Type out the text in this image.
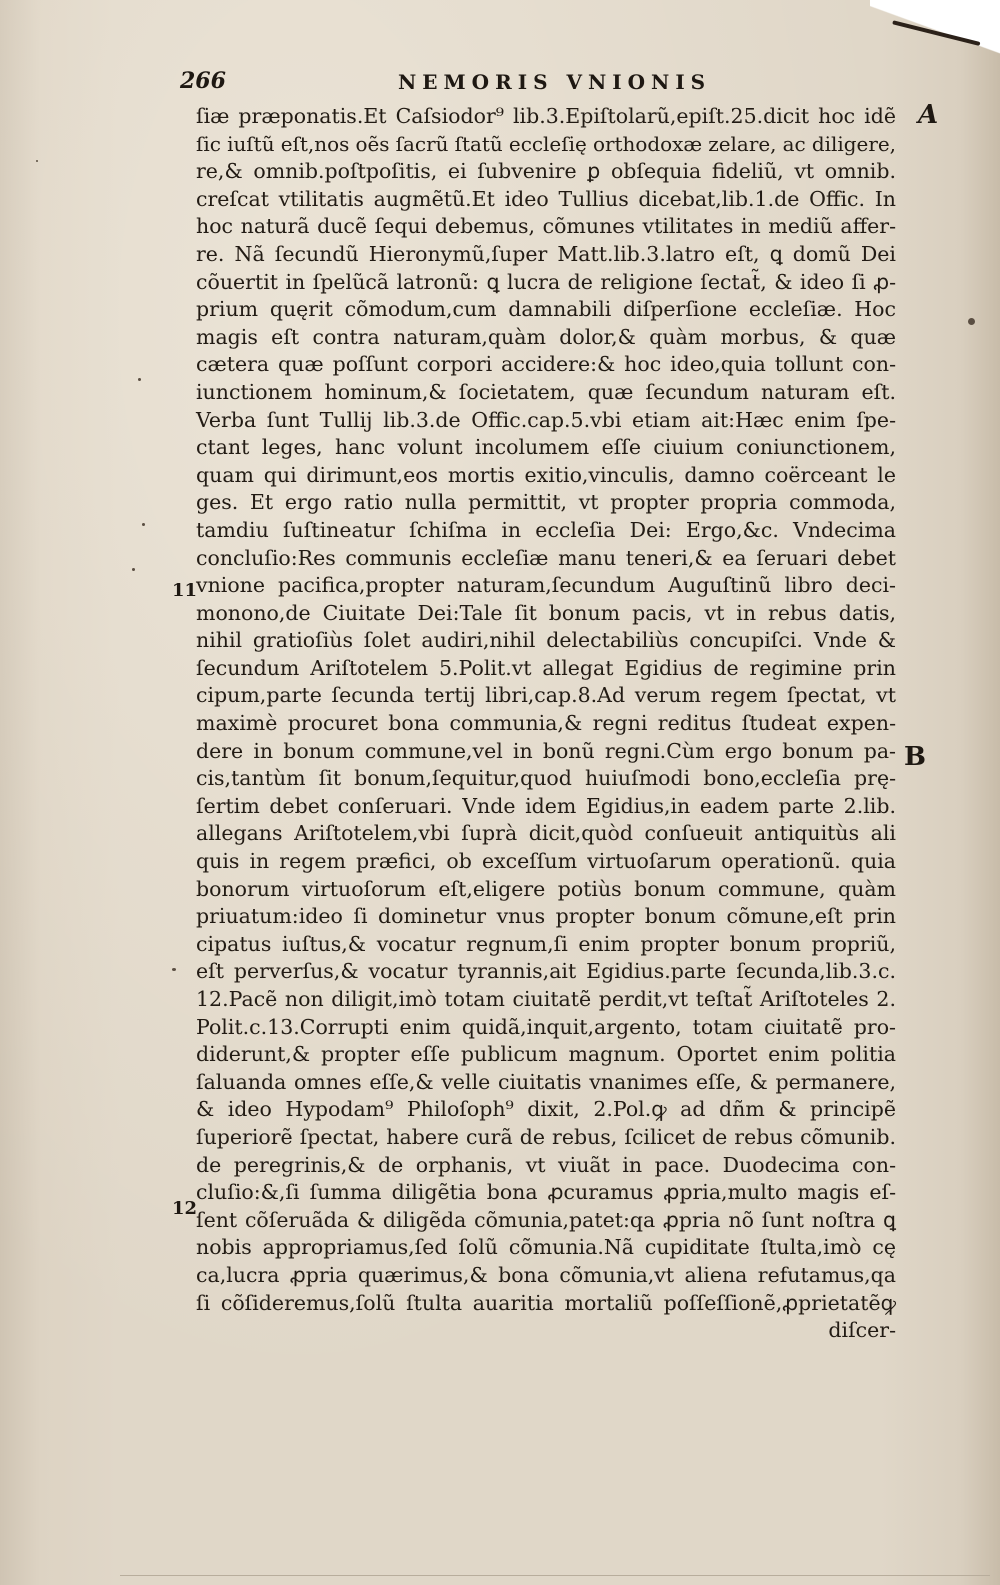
266	NEMORIS VNIONIS
A
B
11
12
ſiæ prӕponatis.Et Caſsiodor⁹ lib.3.Epiſtolarũ,epiſt.25.dicit hoc idẽ
ſic iuſtũ eſt,nos oẽs ſacrũ ſtatũ eccleſię orthodoxæ zelare, ac diligere,
re,& omnib.poſtpoſitis, ei ſubvenire ꝑ obſequia fideliũ, vt omnib.
creſcat vtilitatis augmẽtũ.Et ideo Tullius dicebat,lib.1.de Offic. In
hoc naturã ducẽ ſequi debemus, cõmunes vtilitates in mediũ affer-
re. Nã ſecundũ Hieronymũ,ſuper Matt.lib.3.latro eſt, ꝗ domũ Dei
cõuertit in ſpelũcã latronũ: ꝗ lucra de religione ſectat̃, & ideo ſi ꝓ-
prium quęrit cõmodum,cum damnabili diſperſione eccleſiæ. Hoc
magis eſt contra naturam,quàm dolor,& quàm morbus, & quæ
cætera quæ poſſunt corpori accidere:& hoc ideo,quia tollunt con-
iunctionem hominum,& ſocietatem, quæ ſecundum naturam eſt.
Verba ſunt Tullij lib.3.de Offic.cap.5.vbi etiam ait:Hæc enim ſpe-
ctant leges, hanc volunt incolumem eſſe ciuium coniunctionem,
quam qui dirimunt,eos mortis exitio,vinculis, damno coërceant le
ges. Et ergo ratio nulla permittit, vt propter propria commoda,
tamdiu ſuſtineatur ſchiſma in eccleſia Dei: Ergo,&c. Vndecima
concluſio:Res communis eccleſiæ manu teneri,& ea ſeruari debet
vnione pacifica,propter naturam,ſecundum Auguſtinũ libro deci-
monono,de Ciuitate Dei:Tale ſit bonum pacis, vt in rebus datis,
nihil gratioſiùs ſolet audiri,nihil delectabiliùs concupiſci. Vnde &
ſecundum Ariſtotelem 5.Polit.vt allegat Egidius de regimine prin
cipum,parte ſecunda tertij libri,cap.8.Ad verum regem ſpectat, vt
maximè procuret bona communia,& regni reditus ſtudeat expen-
dere in bonum commune,vel in bonũ regni.Cùm ergo bonum pa-
cis,tantùm ſit bonum,ſequitur,quod huiuſmodi bono,eccleſia prę-
ſertim debet conſeruari. Vnde idem Egidius,in eadem parte 2.lib.
allegans Ariſtotelem,vbi ſuprà dicit,quòd conſueuit antiquitùs ali
quis in regem præfici, ob exceſſum virtuoſarum operationũ. quia
bonorum virtuoſorum eſt,eligere potiùs bonum commune, quàm
priuatum:ideo ſi dominetur vnus propter bonum cõmune,eſt prin
cipatus iuſtus,& vocatur regnum,ſi enim propter bonum propriũ,
eſt perverſus,& vocatur tyrannis,ait Egidius.parte ſecunda,lib.3.c.
12.Pacẽ non diligit,imò totam ciuitatẽ perdit,vt teſtat̃ Ariſtoteles 2.
Polit.c.13.Corrupti enim quidã,inquit,argento, totam ciuitatẽ pro-
diderunt,& propter eſſe publicum magnum. Oportet enim politia
ſaluanda omnes eſſe,& velle ciuitatis vnanimes eſſe, & permanere,
& ideo Hypodam⁹ Philoſoph⁹ dixit, 2.Pol.ꝙ ad dñm & principẽ
ſuperiorẽ ſpectat, habere curã de rebus, ſcilicet de rebus cõmunib.
de peregrinis,& de orphanis, vt viuãt in pace. Duodecima con-
cluſio:&,ſi ſumma diligẽtia bona ꝓcuramus ꝓpria,multo magis eſ-
ſent cõſeruãda & diligẽda cõmunia,patet:qa ꝓpria nõ ſunt noſtra ꝗ
nobis appropriamus,ſed ſolũ cõmunia.Nã cupiditate ſtulta,imò cę
ca,lucra ꝓpria quærimus,& bona cõmunia,vt aliena refutamus,qa
ſi cõſideremus,ſolũ ſtulta auaritia mortaliũ poſſeſſionẽ,ꝓprietatẽꝙ
diſcer-
